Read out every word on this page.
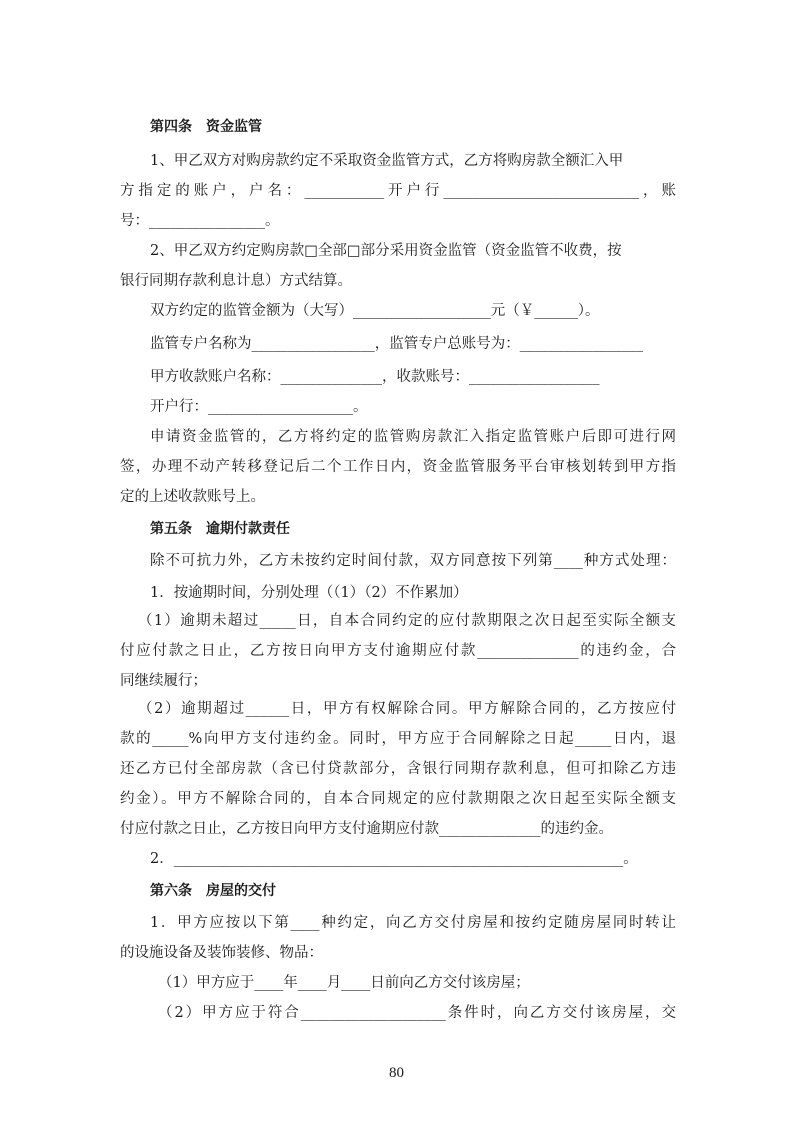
第四条　资金监管
1、甲乙双方对购房款约定不采取资金监管方式，乙方将购房款全额汇入甲
方指定的账户，户名：___________开户行___________________________，账
号：________________。
2、甲乙双方约定购房款□全部□部分采用资金监管（资金监管不收费，按
银行同期存款利息计息）方式结算。
双方约定的监管金额为（大写）___________________元（￥______）。
监管专户名称为_________________，监管专户总账号为：_________________
甲方收款账户名称：______________，收款账号：__________________
开户行：____________________。
申请资金监管的，乙方将约定的监管购房款汇入指定监管账户后即可进行网
签，办理不动产转移登记后二个工作日内，资金监管服务平台审核划转到甲方指
定的上述收款账号上。
第五条　逾期付款责任
除不可抗力外，乙方未按约定时间付款，双方同意按下列第____种方式处理：
1．按逾期时间，分别处理（（1）（2）不作累加）
（1）逾期未超过_____日，自本合同约定的应付款期限之次日起至实际全额支
付应付款之日止，乙方按日向甲方支付逾期应付款______________的违约金，合
同继续履行；
（2）逾期超过______日，甲方有权解除合同。甲方解除合同的，乙方按应付
款的_____%向甲方支付违约金。同时，甲方应于合同解除之日起_____日内，退
还乙方已付全部房款（含已付贷款部分，含银行同期存款利息，但可扣除乙方违
约金）。甲方不解除合同的，自本合同规定的应付款期限之次日起至实际全额支
付应付款之日止，乙方按日向甲方支付逾期应付款______________的违约金。
2．______________________________________________________________。
第六条　房屋的交付
1．甲方应按以下第____种约定，向乙方交付房屋和按约定随房屋同时转让
的设施设备及装饰装修、物品：
（1）甲方应于____年____月____日前向乙方交付该房屋；
（2）甲方应于符合____________________条件时，向乙方交付该房屋，交
80
